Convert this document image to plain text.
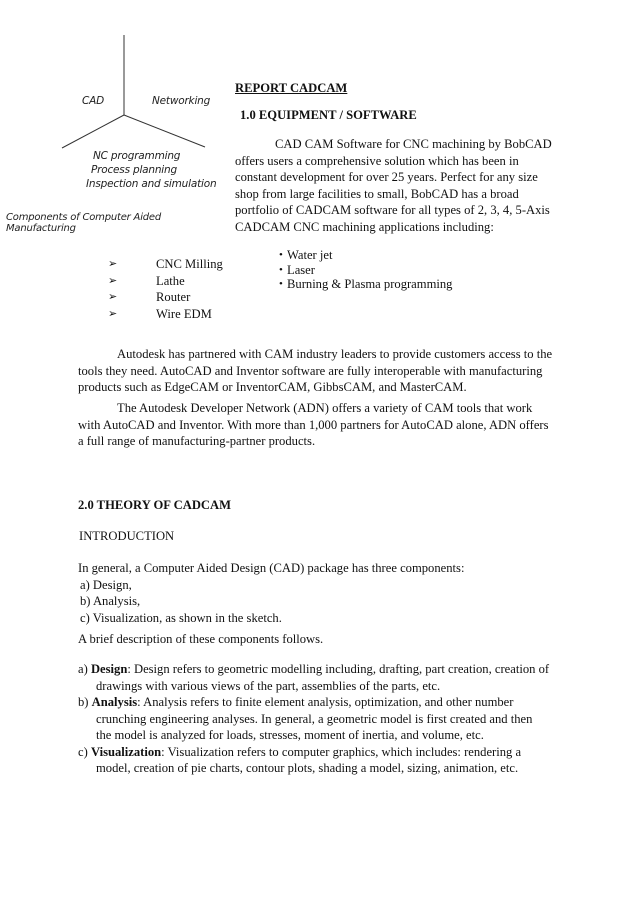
CAD	Networking
NC programming
Process planning
Inspection and simulation
Components of Computer Aided Manufacturing
REPORT CADCAM
1.0 EQUIPMENT / SOFTWARE
CAD CAM Software for CNC machining by BobCAD
offers users a comprehensive solution which has been in
constant development for over 25 years. Perfect for any size
shop from large facilities to small, BobCAD has a broad
portfolio of CADCAM software for all types of 2, 3, 4, 5-Axis
CADCAM CNC machining applications including:
➢	CNC Milling
➢	Lathe
➢	Router
➢	Wire EDM
• Water jet
• Laser
• Burning & Plasma programming
Autodesk has partnered with CAM industry leaders to provide customers access to the
tools they need. AutoCAD and Inventor software are fully interoperable with manufacturing
products such as EdgeCAM or InventorCAM, GibbsCAM, and MasterCAM.
The Autodesk Developer Network (ADN) offers a variety of CAM tools that work
with AutoCAD and Inventor. With more than 1,000 partners for AutoCAD alone, ADN offers
a full range of manufacturing-partner products.
2.0 THEORY OF CADCAM
INTRODUCTION
In general, a Computer Aided Design (CAD) package has three components:
a) Design,
b) Analysis,
c) Visualization, as shown in the sketch.
A brief description of these components follows.
a) Design: Design refers to geometric modelling including, drafting, part creation, creation of
drawings with various views of the part, assemblies of the parts, etc.
b) Analysis: Analysis refers to finite element analysis, optimization, and other number
crunching engineering analyses. In general, a geometric model is first created and then
the model is analyzed for loads, stresses, moment of inertia, and volume, etc.
c) Visualization: Visualization refers to computer graphics, which includes: rendering a
model, creation of pie charts, contour plots, shading a model, sizing, animation, etc.
